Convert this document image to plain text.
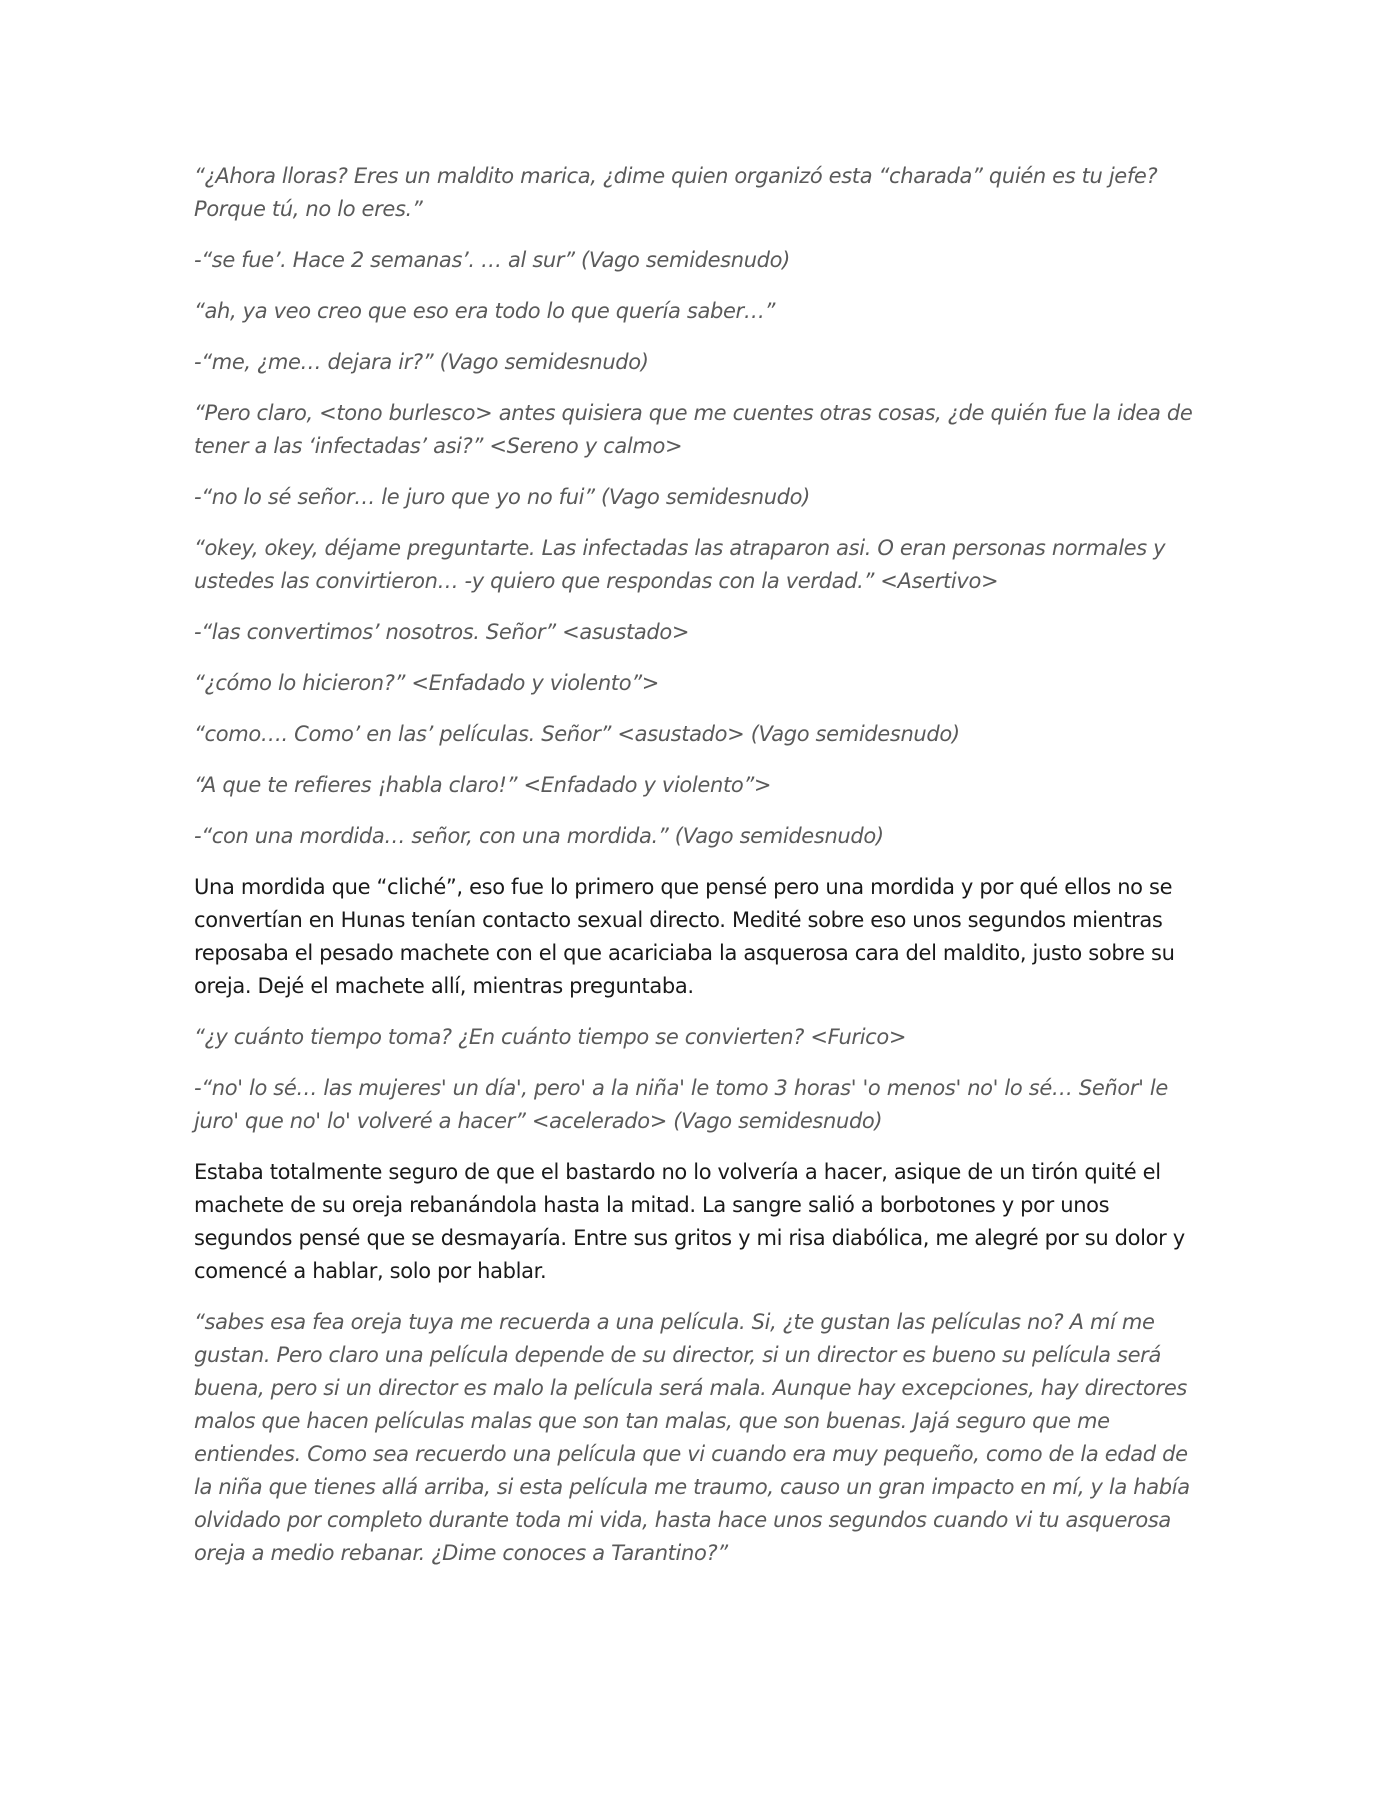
“¿Ahora lloras? Eres un maldito marica, ¿dime quien organizó esta “charada” quién es tu jefe? Porque tú, no lo eres.”

-“se fue’. Hace 2 semanas’. … al sur” (Vago semidesnudo)

“ah, ya veo creo que eso era todo lo que quería saber…”

-“me, ¿me… dejara ir?” (Vago semidesnudo)

“Pero claro, <tono burlesco> antes quisiera que me cuentes otras cosas, ¿de quién fue la idea de tener a las ‘infectadas’ asi?” <Sereno y calmo>

-“no lo sé señor… le juro que yo no fui” (Vago semidesnudo)

“okey, okey, déjame preguntarte. Las infectadas las atraparon asi. O eran personas normales y ustedes las convirtieron… -y quiero que respondas con la verdad.” <Asertivo>

-“las convertimos’ nosotros. Señor” <asustado>

“¿cómo lo hicieron?” <Enfadado y violento”>

“como…. Como’ en las’ películas. Señor” <asustado> (Vago semidesnudo)

“A que te refieres ¡habla claro!” <Enfadado y violento”>

-“con una mordida… señor, con una mordida.” (Vago semidesnudo)

Una mordida que “cliché”, eso fue lo primero que pensé pero una mordida y por qué ellos no se convertían en Hunas tenían contacto sexual directo. Medité sobre eso unos segundos mientras reposaba el pesado machete con el que acariciaba la asquerosa cara del maldito, justo sobre su oreja. Dejé el machete allí, mientras preguntaba.

“¿y cuánto tiempo toma? ¿En cuánto tiempo se convierten? <Furico>

-“no' lo sé… las mujeres' un día', pero' a la niña' le tomo 3 horas' 'o menos' no' lo sé… Señor' le juro' que no' lo' volveré a hacer” <acelerado> (Vago semidesnudo)

Estaba totalmente seguro de que el bastardo no lo volvería a hacer, asique de un tirón quité el machete de su oreja rebanándola hasta la mitad. La sangre salió a borbotones y por unos segundos pensé que se desmayaría. Entre sus gritos y mi risa diabólica, me alegré por su dolor y comencé a hablar, solo por hablar.

“sabes esa fea oreja tuya me recuerda a una película. Si, ¿te gustan las películas no? A mí me gustan. Pero claro una película depende de su director, si un director es bueno su película será buena, pero si un director es malo la película será mala. Aunque hay excepciones, hay directores malos que hacen películas malas que son tan malas, que son buenas. Jajá seguro que me entiendes. Como sea recuerdo una película que vi cuando era muy pequeño, como de la edad de la niña que tienes allá arriba, si esta película me traumo, causo un gran impacto en mí, y la había olvidado por completo durante toda mi vida, hasta hace unos segundos cuando vi tu asquerosa oreja a medio rebanar. ¿Dime conoces a Tarantino?”
